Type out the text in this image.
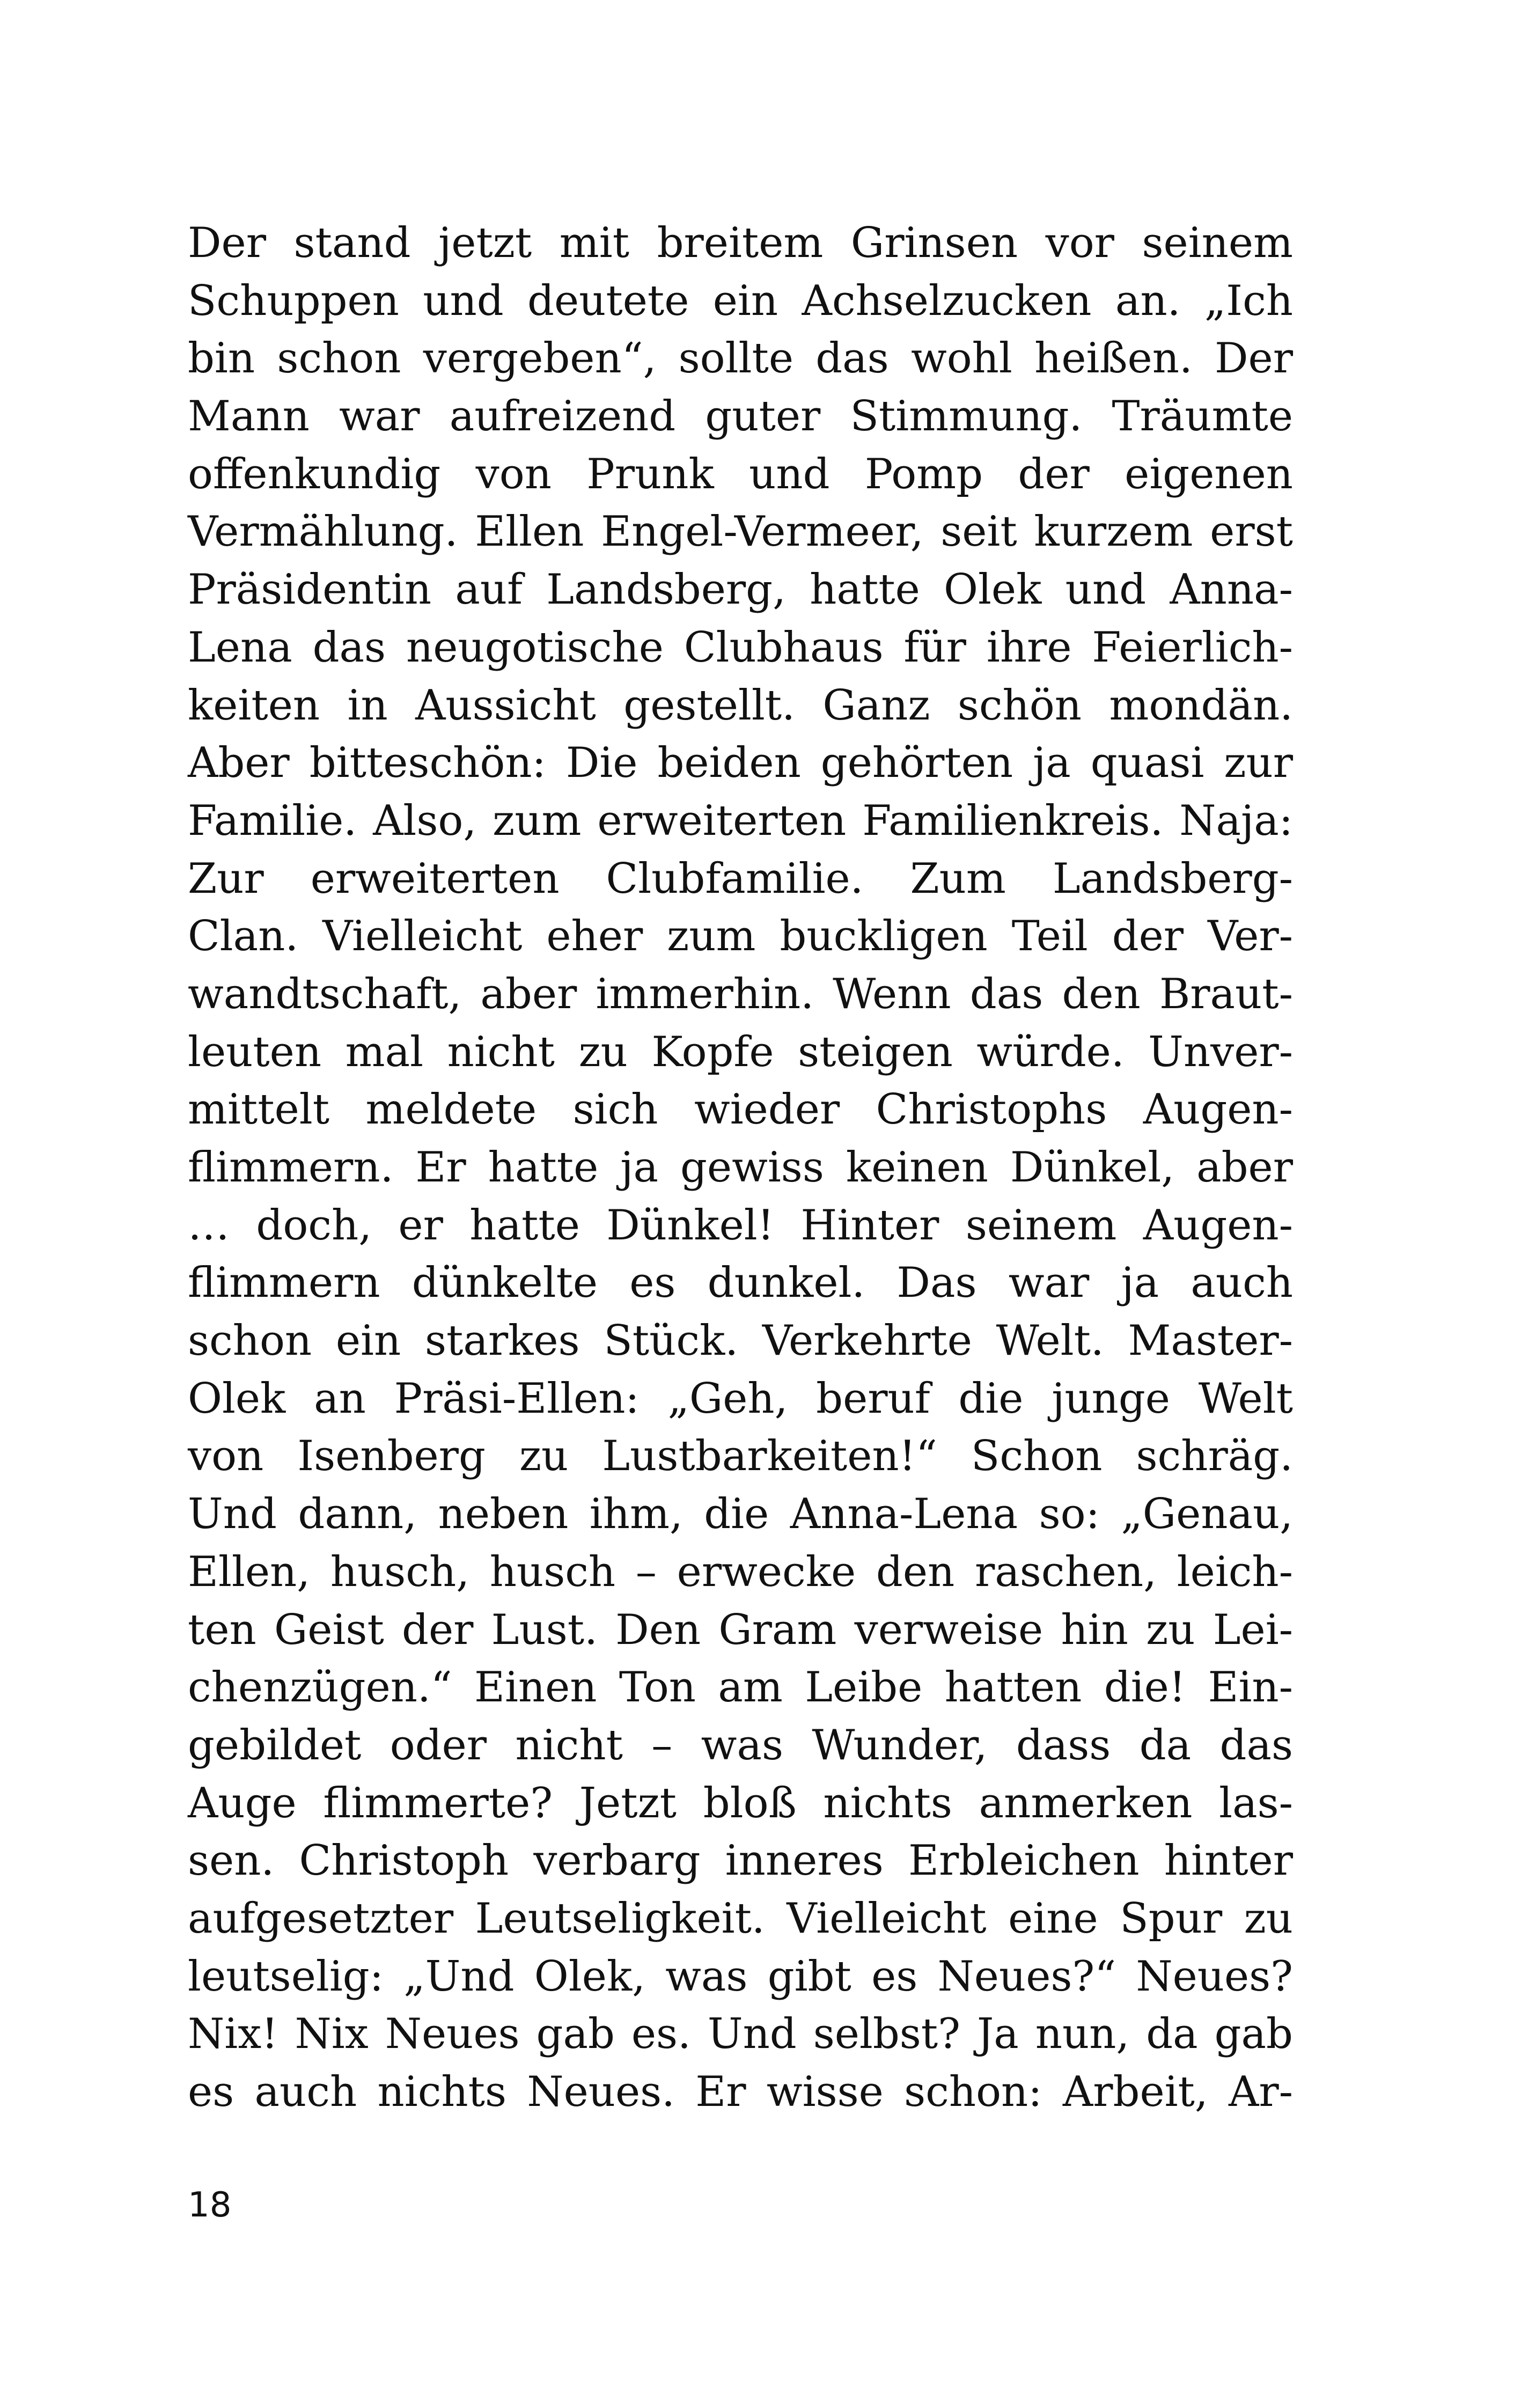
Der stand jetzt mit breitem Grinsen vor seinem
Schuppen und deutete ein Achselzucken an. „Ich
bin schon vergeben“, sollte das wohl heißen. Der
Mann war aufreizend guter Stimmung. Träumte
offenkundig von Prunk und Pomp der eigenen
Vermählung. Ellen Engel-Vermeer, seit kurzem erst
Präsidentin auf Landsberg, hatte Olek und Anna-
Lena das neugotische Clubhaus für ihre Feierlich-
keiten in Aussicht gestellt. Ganz schön mondän.
Aber bitteschön: Die beiden gehörten ja quasi zur
Familie. Also, zum erweiterten Familienkreis. Naja:
Zur erweiterten Clubfamilie. Zum Landsberg-
Clan. Vielleicht eher zum buckligen Teil der Ver-
wandtschaft, aber immerhin. Wenn das den Braut-
leuten mal nicht zu Kopfe steigen würde. Unver-
mittelt meldete sich wieder Christophs Augen-
flimmern. Er hatte ja gewiss keinen Dünkel, aber
… doch, er hatte Dünkel! Hinter seinem Augen-
flimmern dünkelte es dunkel. Das war ja auch
schon ein starkes Stück. Verkehrte Welt. Master-
Olek an Präsi-Ellen: „Geh, beruf die junge Welt
von Isenberg zu Lustbarkeiten!“ Schon schräg.
Und dann, neben ihm, die Anna-Lena so: „Genau,
Ellen, husch, husch – erwecke den raschen, leich-
ten Geist der Lust. Den Gram verweise hin zu Lei-
chenzügen.“ Einen Ton am Leibe hatten die! Ein-
gebildet oder nicht – was Wunder, dass da das
Auge flimmerte? Jetzt bloß nichts anmerken las-
sen. Christoph verbarg inneres Erbleichen hinter
aufgesetzter Leutseligkeit. Vielleicht eine Spur zu
leutselig: „Und Olek, was gibt es Neues?“ Neues?
Nix! Nix Neues gab es. Und selbst? Ja nun, da gab
es auch nichts Neues. Er wisse schon: Arbeit, Ar-
18
